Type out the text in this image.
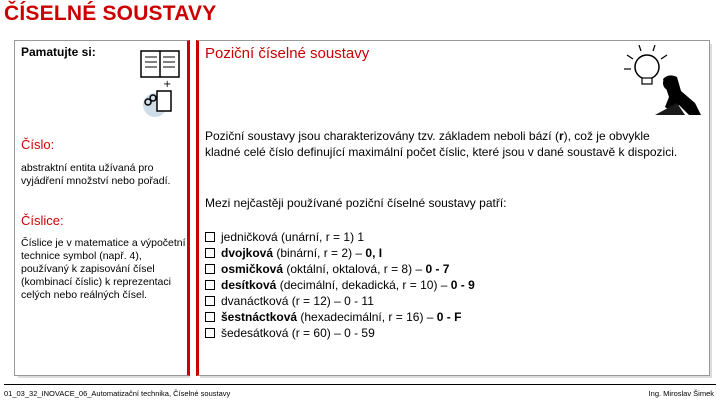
ČÍSELNÉ SOUSTAVY
Pamatujte si:
+
Číslo:
abstraktní entita užívaná pro vyjádření množství nebo pořadí.
Číslice:
Číslice je v matematice a výpočetní technice symbol (např. 4), používaný k zapisování čísel (kombinací číslic) k reprezentaci celých nebo reálných čísel.
Poziční číselné soustavy
Poziční soustavy jsou charakterizovány tzv. základem neboli bází (r), což je obvykle kladné celé číslo definující maximální počet číslic, které jsou v dané soustavě k dispozici.
Mezi nejčastěji používané poziční číselné soustavy patří:
jedničková (unární, r = 1) 1
dvojková (binární, r = 2) – 0, I
osmičková (oktální, oktalová, r = 8) – 0 - 7
desítková (decimální, dekadická, r = 10) – 0 - 9
dvanáctková (r = 12) – 0 - 11
šestnáctková (hexadecimální, r = 16) – 0 - F
šedesátková (r = 60) – 0 - 59
01_03_32_INOVACE_06_Automatizační technika, Číselné soustavy	Ing. Miroslav Šimek
